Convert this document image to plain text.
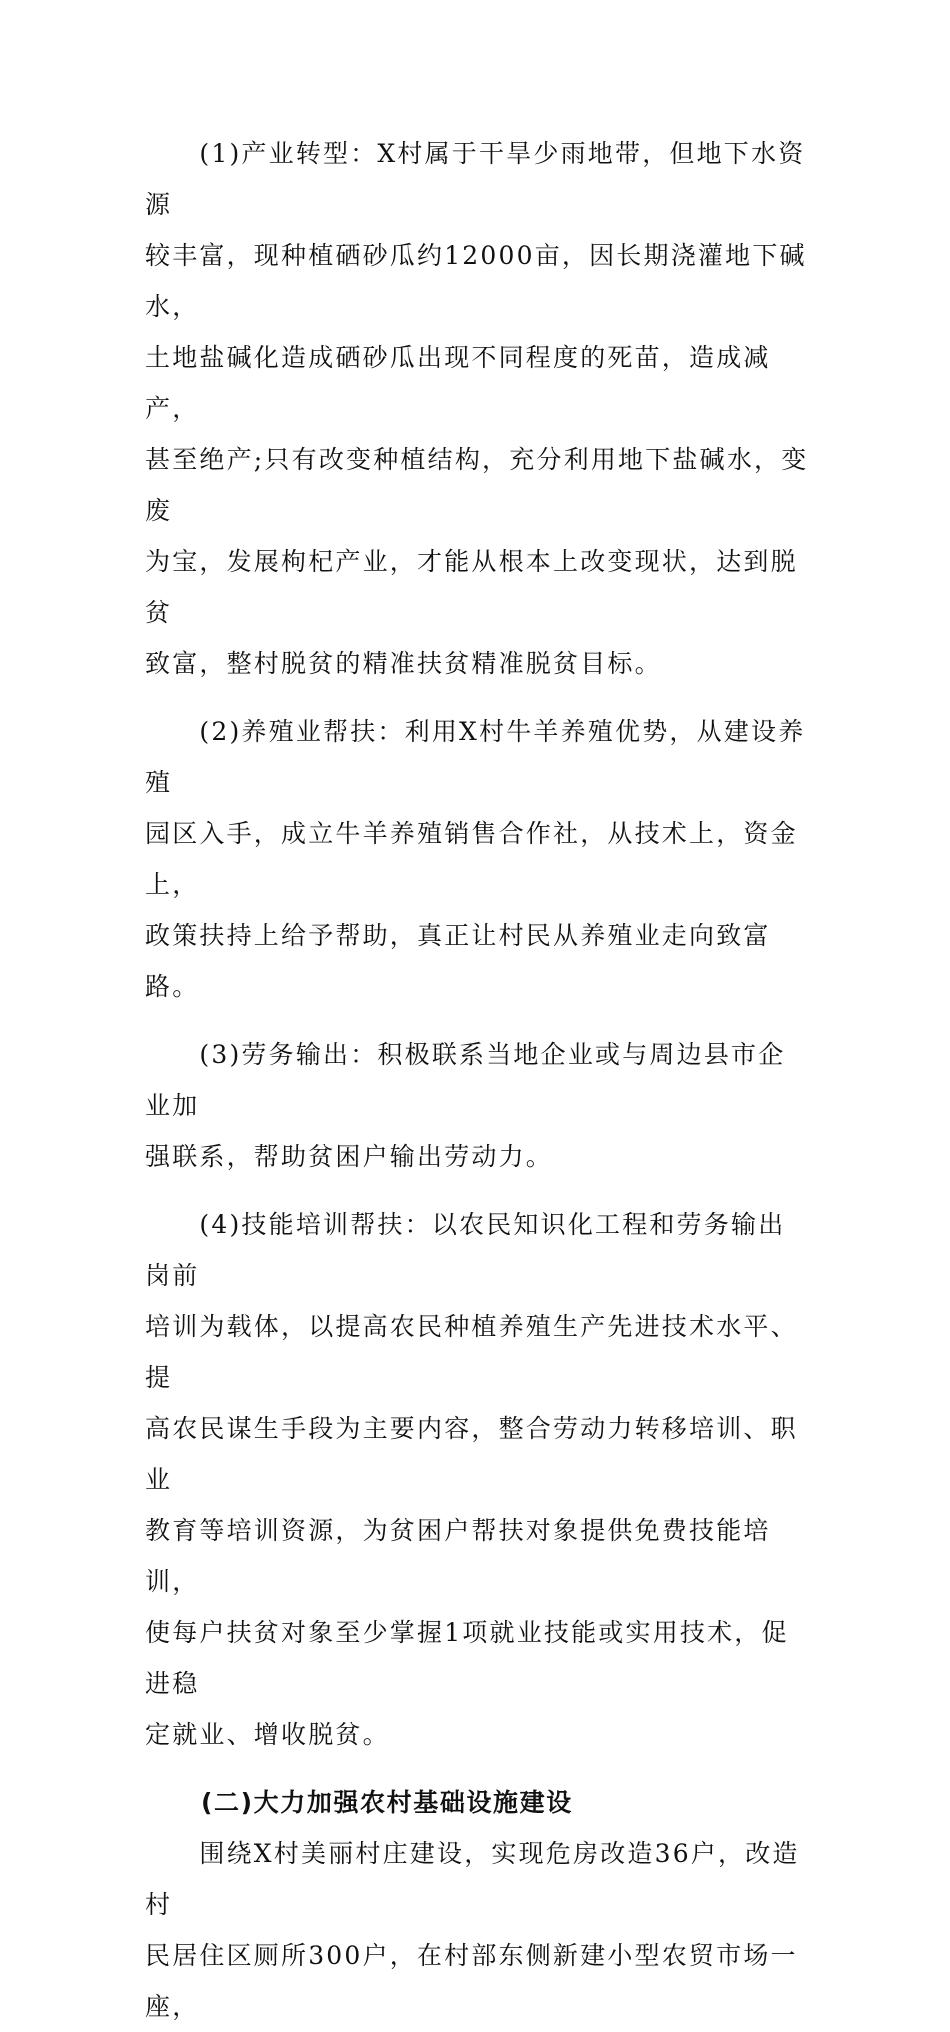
　　(1)产业转型：X村属于干旱少雨地带，但地下水资源
较丰富，现种植硒砂瓜约12000亩，因长期浇灌地下碱水，
土地盐碱化造成硒砂瓜出现不同程度的死苗，造成减产，
甚至绝产;只有改变种植结构，充分利用地下盐碱水，变废
为宝，发展枸杞产业，才能从根本上改变现状，达到脱贫
致富，整村脱贫的精准扶贫精准脱贫目标。

　　(2)养殖业帮扶：利用X村牛羊养殖优势，从建设养殖
园区入手，成立牛羊养殖销售合作社，从技术上，资金上，
政策扶持上给予帮助，真正让村民从养殖业走向致富路。

　　(3)劳务输出：积极联系当地企业或与周边县市企业加
强联系，帮助贫困户输出劳动力。

　　(4)技能培训帮扶：以农民知识化工程和劳务输出岗前
培训为载体，以提高农民种植养殖生产先进技术水平、提
高农民谋生手段为主要内容，整合劳动力转移培训、职业
教育等培训资源，为贫困户帮扶对象提供免费技能培训，
使每户扶贫对象至少掌握1项就业技能或实用技术，促进稳
定就业、增收脱贫。

(二)大力加强农村基础设施建设

　　围绕X村美丽村庄建设，实现危房改造36户，改造村
民居住区厕所300户，在村部东侧新建小型农贸市场一座，
